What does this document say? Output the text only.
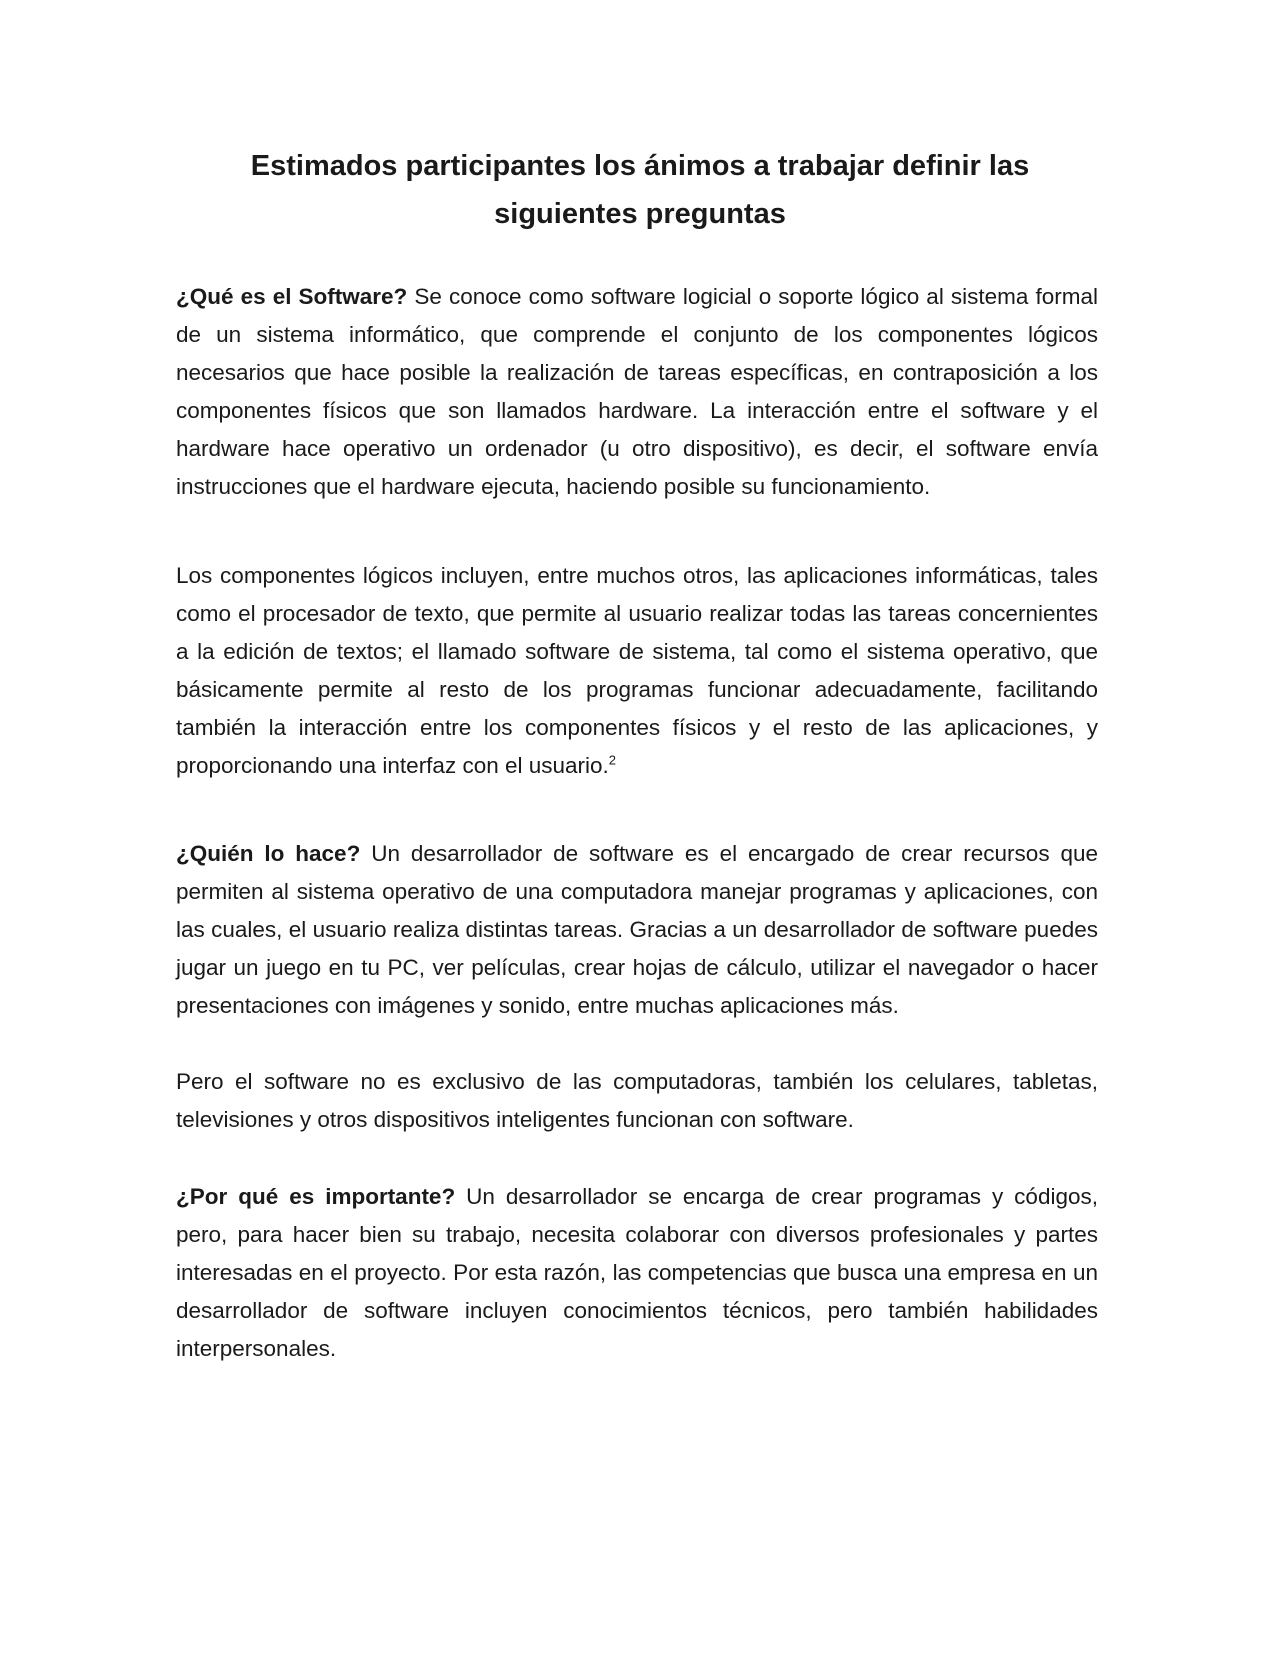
Estimados participantes los ánimos a trabajar definir las siguientes preguntas

¿Qué es el Software? Se conoce como software logicial o soporte lógico al sistema formal de un sistema informático, que comprende el conjunto de los componentes lógicos necesarios que hace posible la realización de tareas específicas, en contraposición a los componentes físicos que son llamados hardware. La interacción entre el software y el hardware hace operativo un ordenador (u otro dispositivo), es decir, el software envía instrucciones que el hardware ejecuta, haciendo posible su funcionamiento.

Los componentes lógicos incluyen, entre muchos otros, las aplicaciones informáticas, tales como el procesador de texto, que permite al usuario realizar todas las tareas concernientes a la edición de textos; el llamado software de sistema, tal como el sistema operativo, que básicamente permite al resto de los programas funcionar adecuadamente, facilitando también la interacción entre los componentes físicos y el resto de las aplicaciones, y proporcionando una interfaz con el usuario.$^2$

¿Quién lo hace? Un desarrollador de software es el encargado de crear recursos que permiten al sistema operativo de una computadora manejar programas y aplicaciones, con las cuales, el usuario realiza distintas tareas. Gracias a un desarrollador de software puedes jugar un juego en tu PC, ver películas, crear hojas de cálculo, utilizar el navegador o hacer presentaciones con imágenes y sonido, entre muchas aplicaciones más.

Pero el software no es exclusivo de las computadoras, también los celulares, tabletas, televisiones y otros dispositivos inteligentes funcionan con software.

¿Por qué es importante? Un desarrollador se encarga de crear programas y códigos, pero, para hacer bien su trabajo, necesita colaborar con diversos profesionales y partes interesadas en el proyecto. Por esta razón, las competencias que busca una empresa en un desarrollador de software incluyen conocimientos técnicos, pero también habilidades interpersonales.
